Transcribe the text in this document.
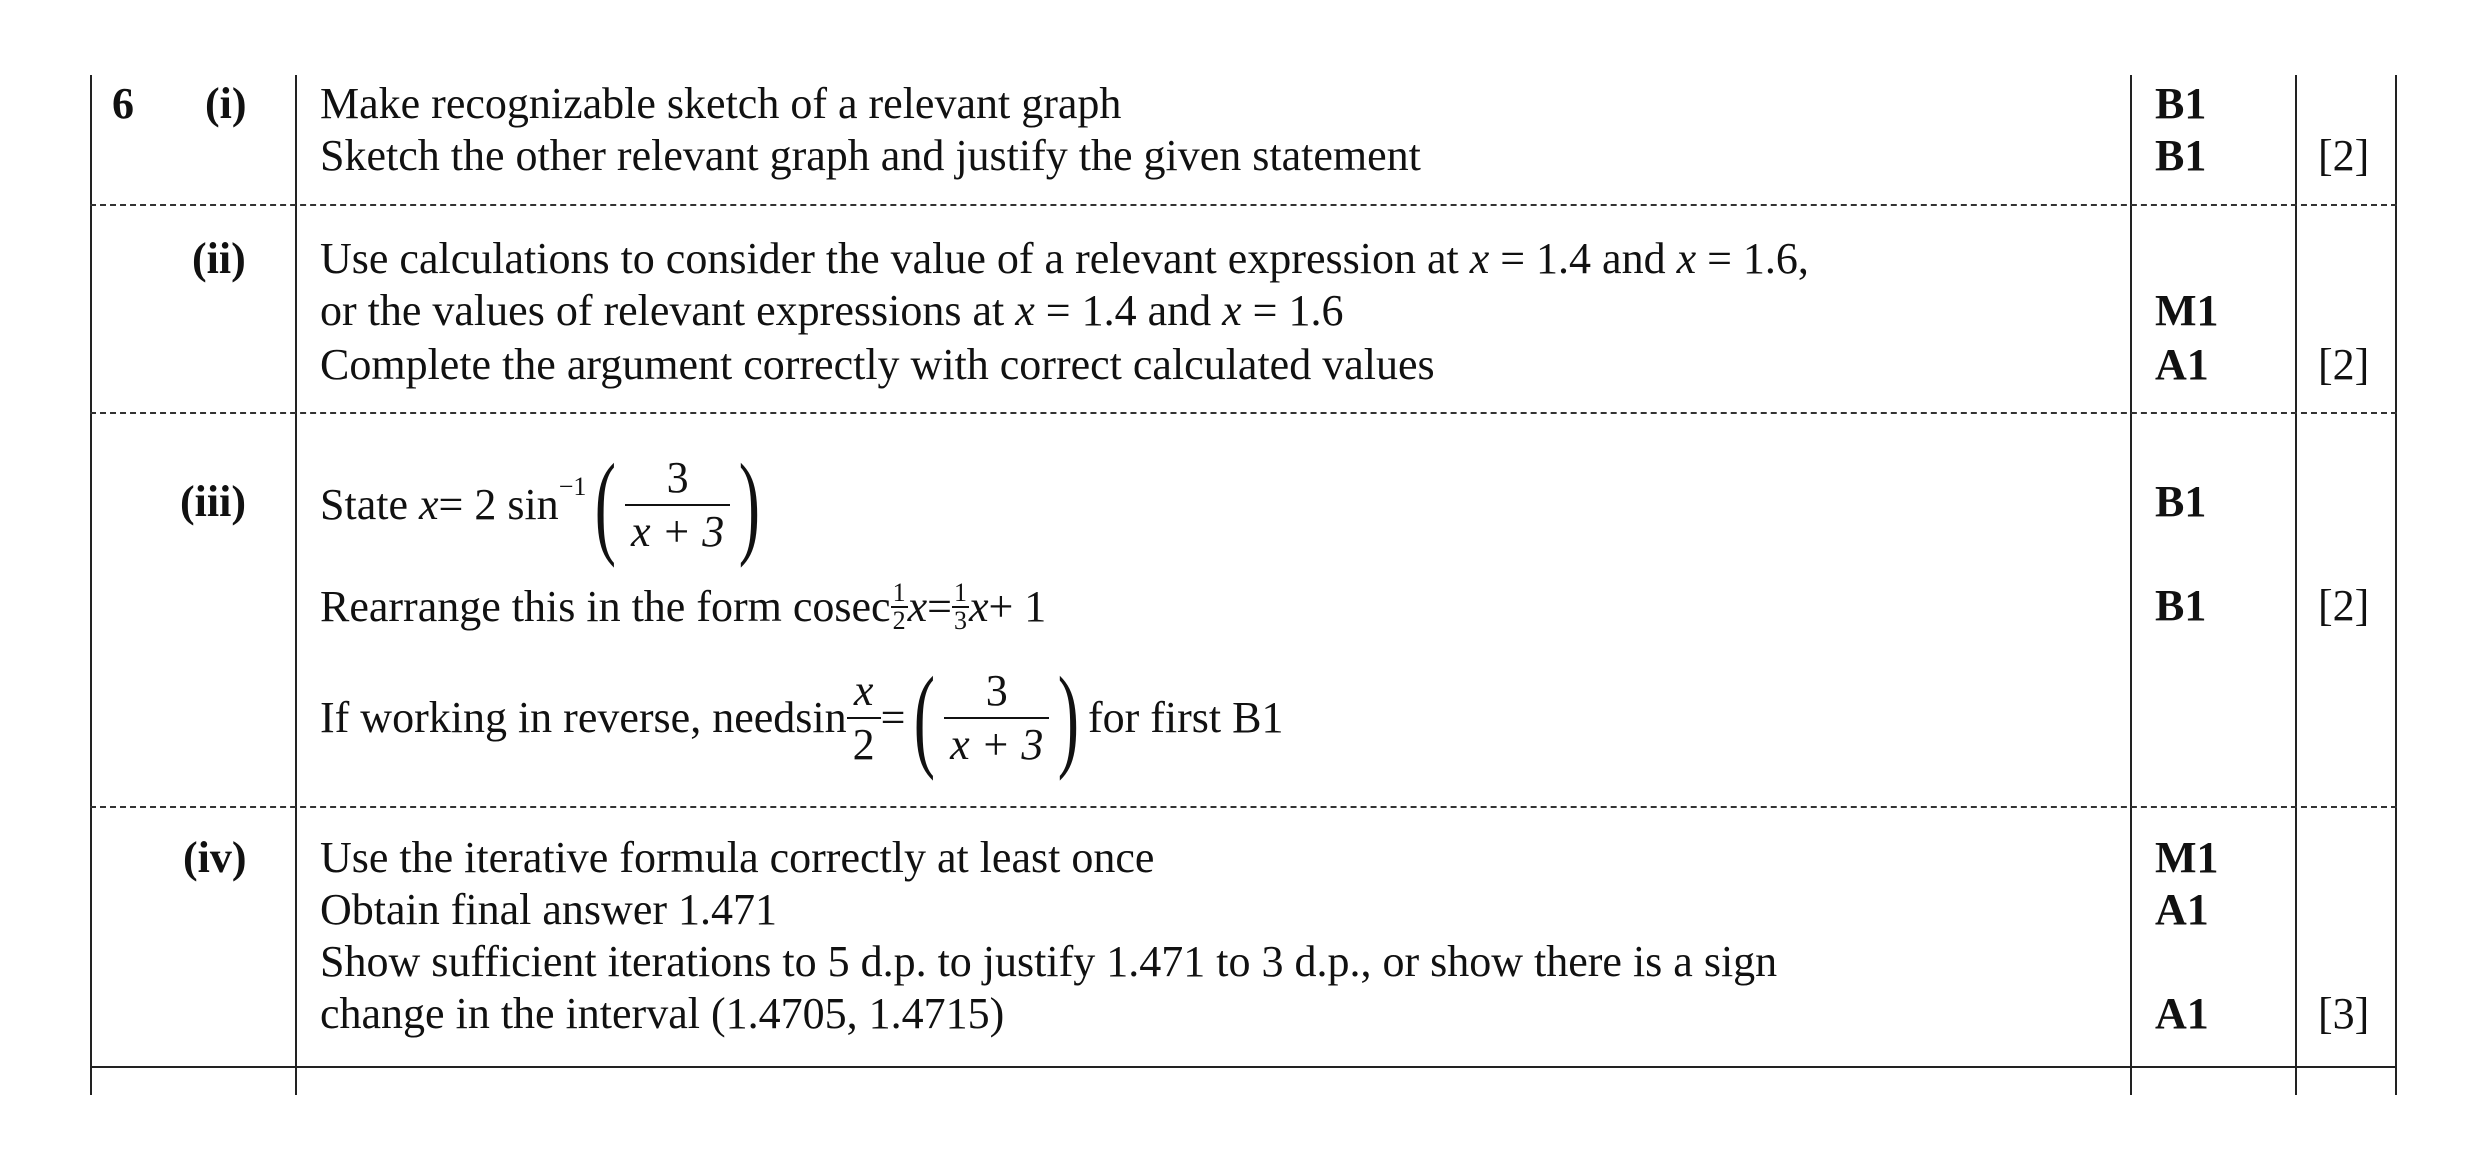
6 (i) Make recognizable sketch of a relevant graph
Sketch the other relevant graph and justify the given statement
B1
B1	[2]
(ii) Use calculations to consider the value of a relevant expression at x = 1.4 and x = 1.6,
or the values of relevant expressions at x = 1.4 and x = 1.6
Complete the argument correctly with correct calculated values
M1
A1 [2]
(iii) State
x = 2 $\sin^{-1}$ ( $\frac{3}{x + 3}$ )
Rearrange this in the form
cosec 1
2 $x = \frac{1}{3}$ x + 1
If working in reverse, need $\sin \frac{x}{2}$ = ( $\frac{3}{x + 3}$ ) for first B1
B1
B1	[2]
(iv) Use the iterative formula correctly at least once
Obtain final answer 1.471
Show sufficient iterations to 5 d.p. to justify 1.471 to 3 d.p., or show there is a sign
change in the interval (1.4705, 1.4715)
M1
A1
A1 [3]
